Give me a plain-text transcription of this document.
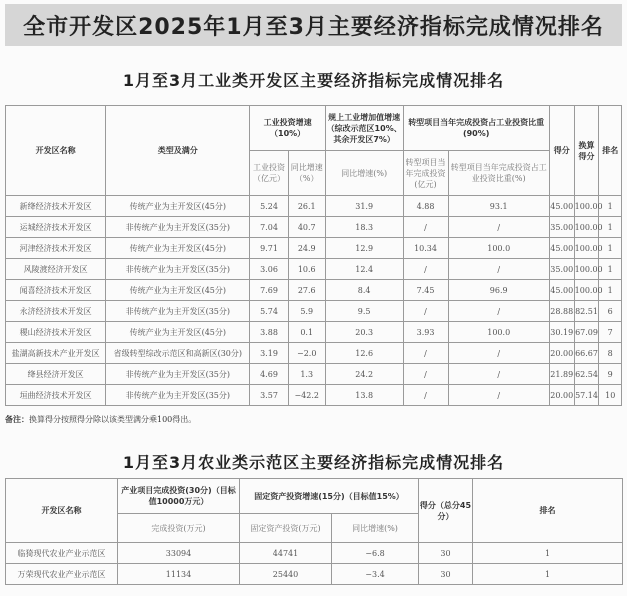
全市开发区2025年1月至3月主要经济指标完成情况排名
1月至3月工业类开发区主要经济指标完成情况排名
开发区名称	类型及满分	工业投资增速（10%）		规上工业增加值增速（综改示范区10%、其余开发区7%）	转型项目当年完成投资占工业投资比重(90%)		得分	换算得分	排名
		工业投资（亿元）	同比增速（%）	同比增速(%)	转型项目当年完成投资(亿元)	转型项目当年完成投资占工业投资比重(%)			
新绛经济技术开发区	传统产业为主开发区(45分)	5.24	26.1	31.9	4.88	93.1	45.00	100.00	1
运城经济技术开发区	非传统产业为主开发区(35分)	7.04	40.7	18.3	/	/	35.00	100.00	1
河津经济技术开发区	传统产业为主开发区(45分)	9.71	24.9	12.9	10.34	100.0	45.00	100.00	1
风陵渡经济开发区	非传统产业为主开发区(35分)	3.06	10.6	12.4	/	/	35.00	100.00	1
闻喜经济技术开发区	传统产业为主开发区(45分)	7.69	27.6	8.4	7.45	96.9	45.00	100.00	1
永济经济技术开发区	非传统产业为主开发区(35分)	5.74	5.9	9.5	/	/	28.88	82.51	6
稷山经济技术开发区	传统产业为主开发区(45分)	3.88	0.1	20.3	3.93	100.0	30.19	67.09	7
盐湖高新技术产业开发区	省级转型综改示范区和高新区(30分)	3.19	−2.0	12.6	/	/	20.00	66.67	8
绛县经济开发区	非传统产业为主开发区(35分)	4.69	1.3	24.2	/	/	21.89	62.54	9
垣曲经济技术开发区	非传统产业为主开发区(35分)	3.57	−42.2	13.8	/	/	20.00	57.14	10
备注：换算得分按照得分除以该类型满分乘100得出。
1月至3月农业类示范区主要经济指标完成情况排名
开发区名称	产业项目完成投资(30分)（目标值10000万元）	固定资产投资增速(15分)（目标值15%）		得分（总分45分）	排名
	完成投资(万元)	固定资产投资(万元)	同比增速(%)		
临猗现代农业产业示范区	33094	44741	−6.8	30	1
万荣现代农业产业示范区	11134	25440	−3.4	30	1
